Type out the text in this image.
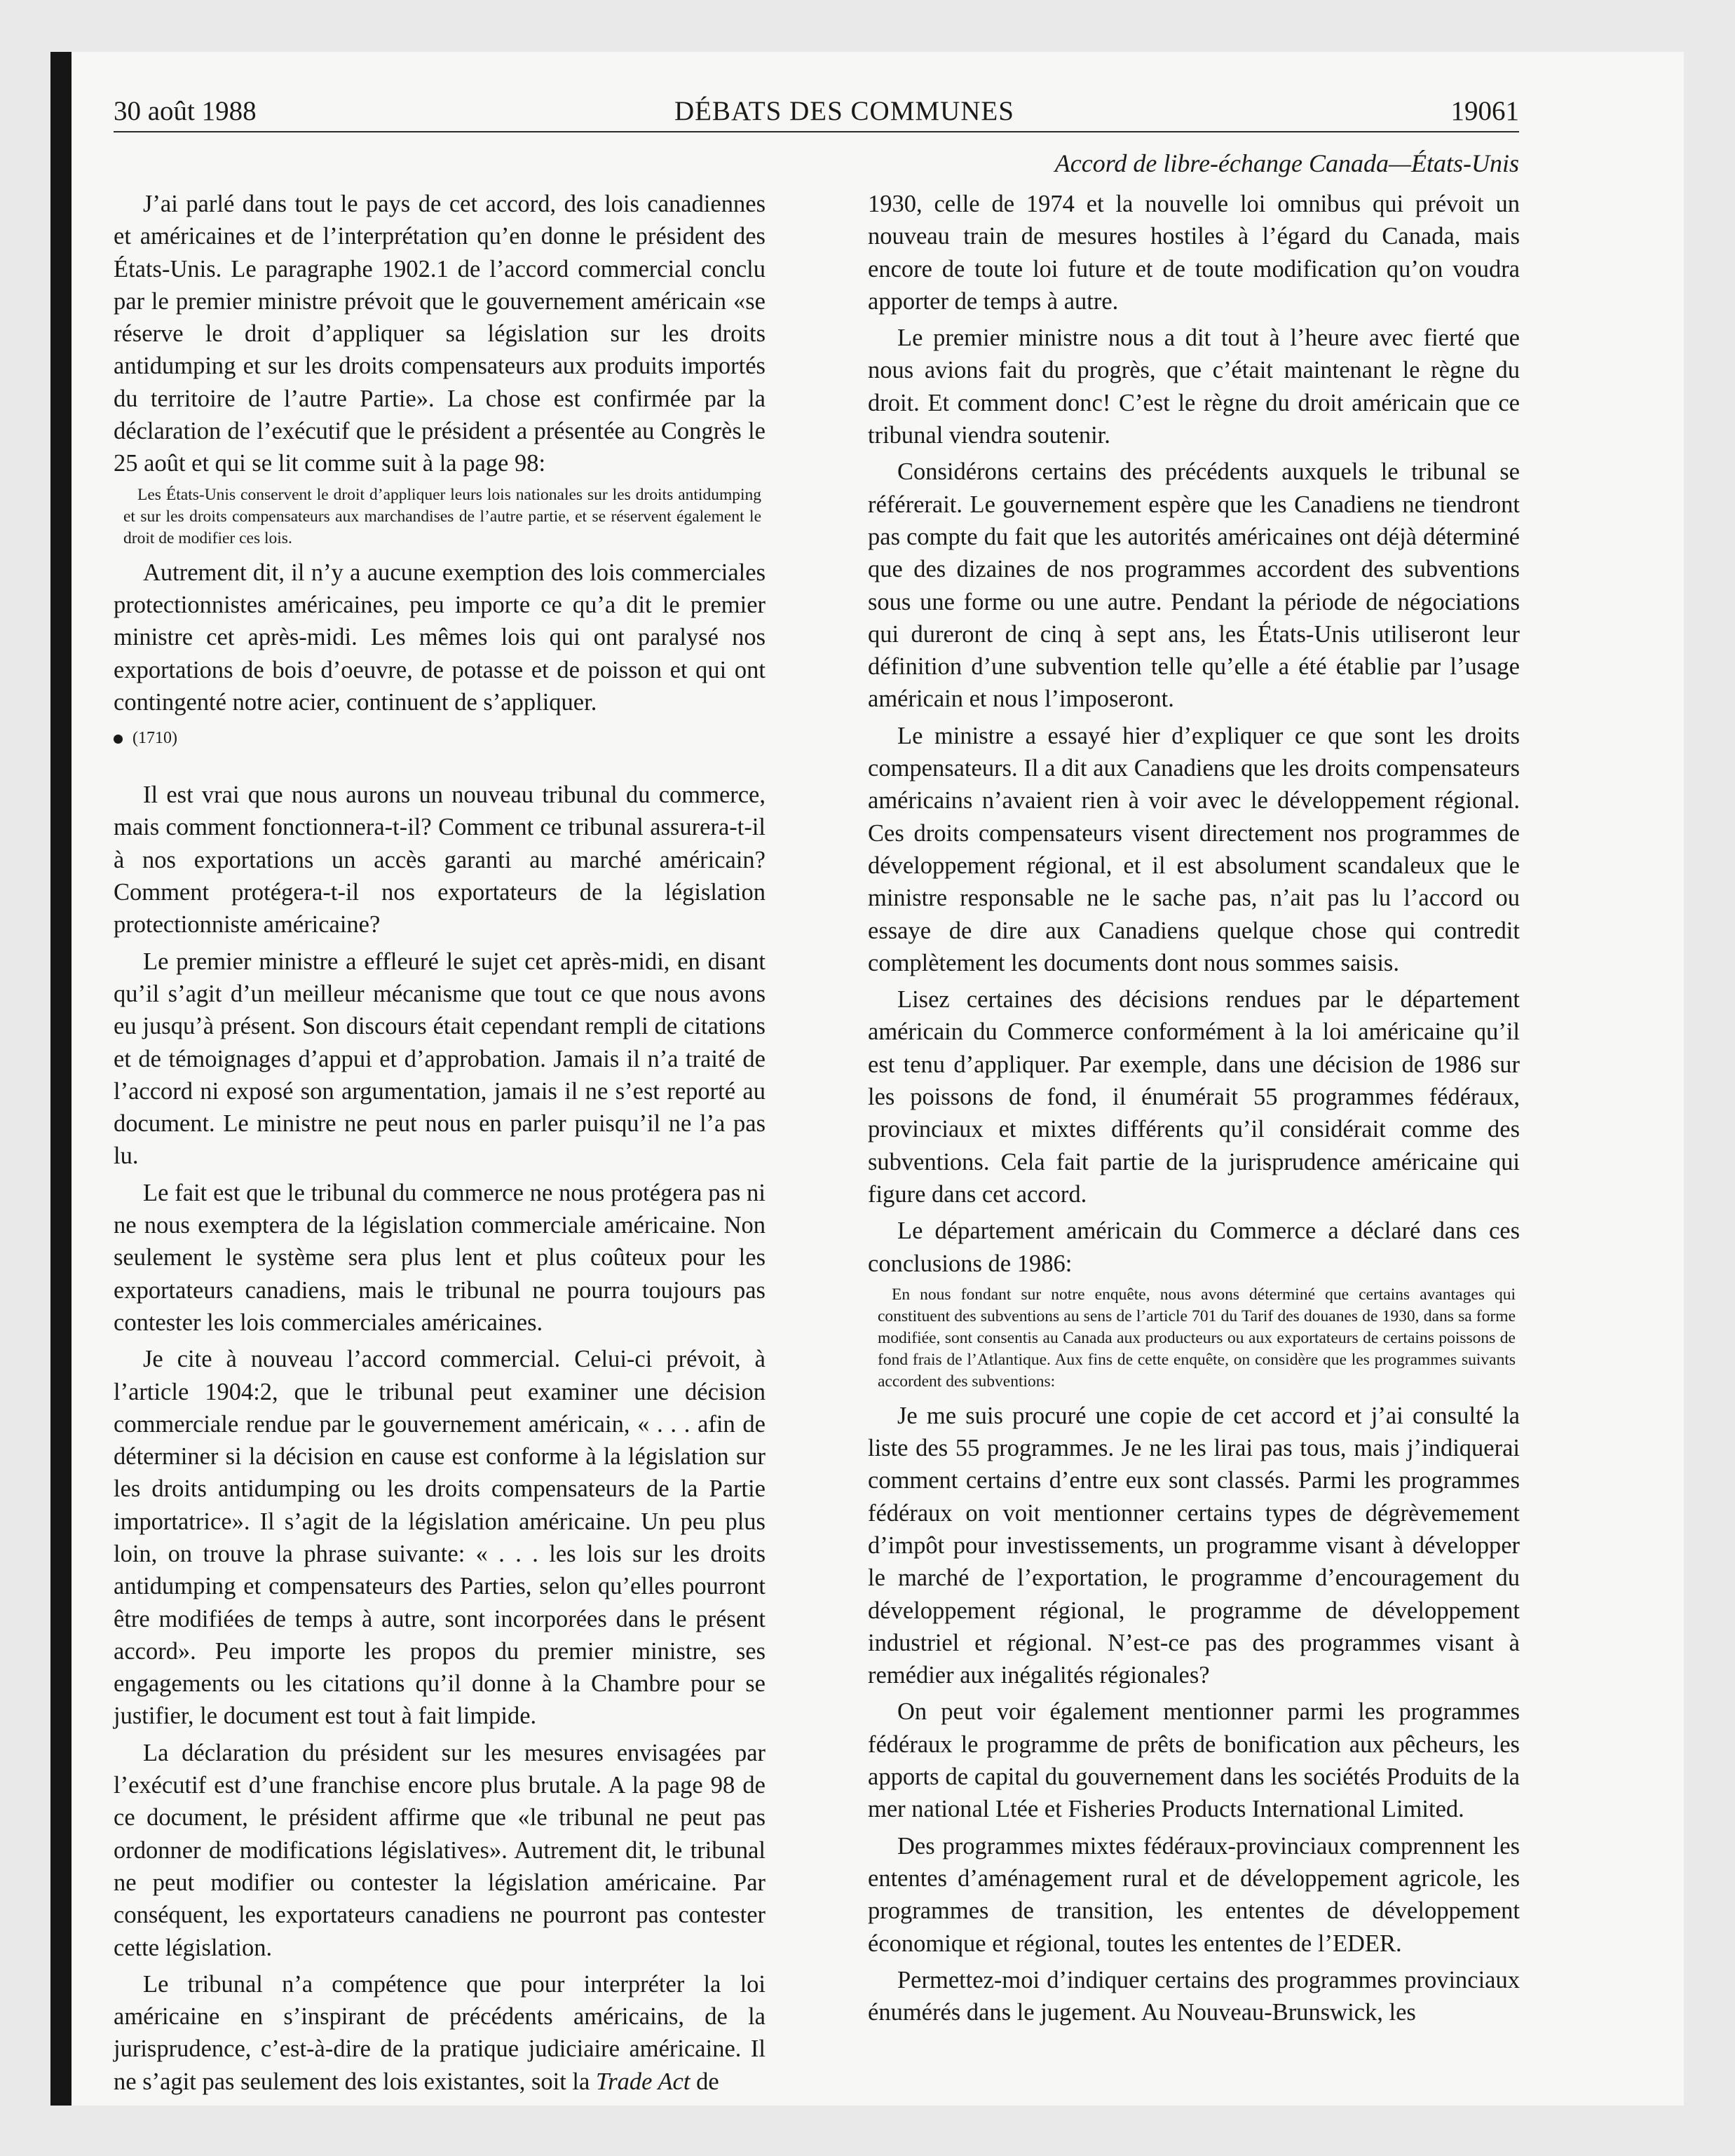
30 août 1988	DÉBATS DES COMMUNES	19061
Accord de libre-échange Canada—États-Unis

J’ai parlé dans tout le pays de cet accord, des lois canadiennes et américaines et de l’interprétation qu’en donne le président des États-Unis. Le paragraphe 1902.1 de l’accord commercial conclu par le premier ministre prévoit que le gouvernement américain «se réserve le droit d’appliquer sa législation sur les droits antidumping et sur les droits compensateurs aux produits importés du territoire de l’autre Partie». La chose est confirmée par la déclaration de l’exécutif que le président a présentée au Congrès le 25 août et qui se lit comme suit à la page 98:

Les États-Unis conservent le droit d’appliquer leurs lois nationales sur les droits antidumping et sur les droits compensateurs aux marchandises de l’autre partie, et se réservent également le droit de modifier ces lois.

Autrement dit, il n’y a aucune exemption des lois commerciales protectionnistes américaines, peu importe ce qu’a dit le premier ministre cet après-midi. Les mêmes lois qui ont paralysé nos exportations de bois d’oeuvre, de potasse et de poisson et qui ont contingenté notre acier, continuent de s’appliquer.

(1710)

Il est vrai que nous aurons un nouveau tribunal du commerce, mais comment fonctionnera-t-il? Comment ce tribunal assurera-t-il à nos exportations un accès garanti au marché américain? Comment protégera-t-il nos exportateurs de la législation protectionniste américaine?

Le premier ministre a effleuré le sujet cet après-midi, en disant qu’il s’agit d’un meilleur mécanisme que tout ce que nous avons eu jusqu’à présent. Son discours était cependant rempli de citations et de témoignages d’appui et d’approbation. Jamais il n’a traité de l’accord ni exposé son argumentation, jamais il ne s’est reporté au document. Le ministre ne peut nous en parler puisqu’il ne l’a pas lu.

Le fait est que le tribunal du commerce ne nous protégera pas ni ne nous exemptera de la législation commerciale américaine. Non seulement le système sera plus lent et plus coûteux pour les exportateurs canadiens, mais le tribunal ne pourra toujours pas contester les lois commerciales américaines.

Je cite à nouveau l’accord commercial. Celui-ci prévoit, à l’article 1904:2, que le tribunal peut examiner une décision commerciale rendue par le gouvernement américain, « . . . afin de déterminer si la décision en cause est conforme à la législation sur les droits antidumping ou les droits compensateurs de la Partie importatrice». Il s’agit de la législation américaine. Un peu plus loin, on trouve la phrase suivante: « . . . les lois sur les droits antidumping et compensateurs des Parties, selon qu’elles pourront être modifiées de temps à autre, sont incorporées dans le présent accord». Peu importe les propos du premier ministre, ses engagements ou les citations qu’il donne à la Chambre pour se justifier, le document est tout à fait limpide.

La déclaration du président sur les mesures envisagées par l’exécutif est d’une franchise encore plus brutale. A la page 98 de ce document, le président affirme que «le tribunal ne peut pas ordonner de modifications législatives». Autrement dit, le tribunal ne peut modifier ou contester la législation américaine. Par conséquent, les exportateurs canadiens ne pourront pas contester cette législation.

Le tribunal n’a compétence que pour interpréter la loi américaine en s’inspirant de précédents américains, de la jurisprudence, c’est-à-dire de la pratique judiciaire américaine. Il ne s’agit pas seulement des lois existantes, soit la Trade Act de

1930, celle de 1974 et la nouvelle loi omnibus qui prévoit un nouveau train de mesures hostiles à l’égard du Canada, mais encore de toute loi future et de toute modification qu’on voudra apporter de temps à autre.

Le premier ministre nous a dit tout à l’heure avec fierté que nous avions fait du progrès, que c’était maintenant le règne du droit. Et comment donc! C’est le règne du droit américain que ce tribunal viendra soutenir.

Considérons certains des précédents auxquels le tribunal se référerait. Le gouvernement espère que les Canadiens ne tiendront pas compte du fait que les autorités américaines ont déjà déterminé que des dizaines de nos programmes accordent des subventions sous une forme ou une autre. Pendant la période de négociations qui dureront de cinq à sept ans, les États-Unis utiliseront leur définition d’une subvention telle qu’elle a été établie par l’usage américain et nous l’imposeront.

Le ministre a essayé hier d’expliquer ce que sont les droits compensateurs. Il a dit aux Canadiens que les droits compensateurs américains n’avaient rien à voir avec le développement régional. Ces droits compensateurs visent directement nos programmes de développement régional, et il est absolument scandaleux que le ministre responsable ne le sache pas, n’ait pas lu l’accord ou essaye de dire aux Canadiens quelque chose qui contredit complètement les documents dont nous sommes saisis.

Lisez certaines des décisions rendues par le département américain du Commerce conformément à la loi américaine qu’il est tenu d’appliquer. Par exemple, dans une décision de 1986 sur les poissons de fond, il énumérait 55 programmes fédéraux, provinciaux et mixtes différents qu’il considérait comme des subventions. Cela fait partie de la jurisprudence américaine qui figure dans cet accord.

Le département américain du Commerce a déclaré dans ces conclusions de 1986:

En nous fondant sur notre enquête, nous avons déterminé que certains avantages qui constituent des subventions au sens de l’article 701 du Tarif des douanes de 1930, dans sa forme modifiée, sont consentis au Canada aux producteurs ou aux exportateurs de certains poissons de fond frais de l’Atlantique. Aux fins de cette enquête, on considère que les programmes suivants accordent des subventions:

Je me suis procuré une copie de cet accord et j’ai consulté la liste des 55 programmes. Je ne les lirai pas tous, mais j’indiquerai comment certains d’entre eux sont classés. Parmi les programmes fédéraux on voit mentionner certains types de dégrèvemement d’impôt pour investissements, un programme visant à développer le marché de l’exportation, le programme d’encouragement du développement régional, le programme de développement industriel et régional. N’est-ce pas des programmes visant à remédier aux inégalités régionales?

On peut voir également mentionner parmi les programmes fédéraux le programme de prêts de bonification aux pêcheurs, les apports de capital du gouvernement dans les sociétés Produits de la mer national Ltée et Fisheries Products International Limited.

Des programmes mixtes fédéraux-provinciaux comprennent les ententes d’aménagement rural et de développement agricole, les programmes de transition, les ententes de développement économique et régional, toutes les ententes de l’EDER.

Permettez-moi d’indiquer certains des programmes provinciaux énumérés dans le jugement. Au Nouveau-Brunswick, les
